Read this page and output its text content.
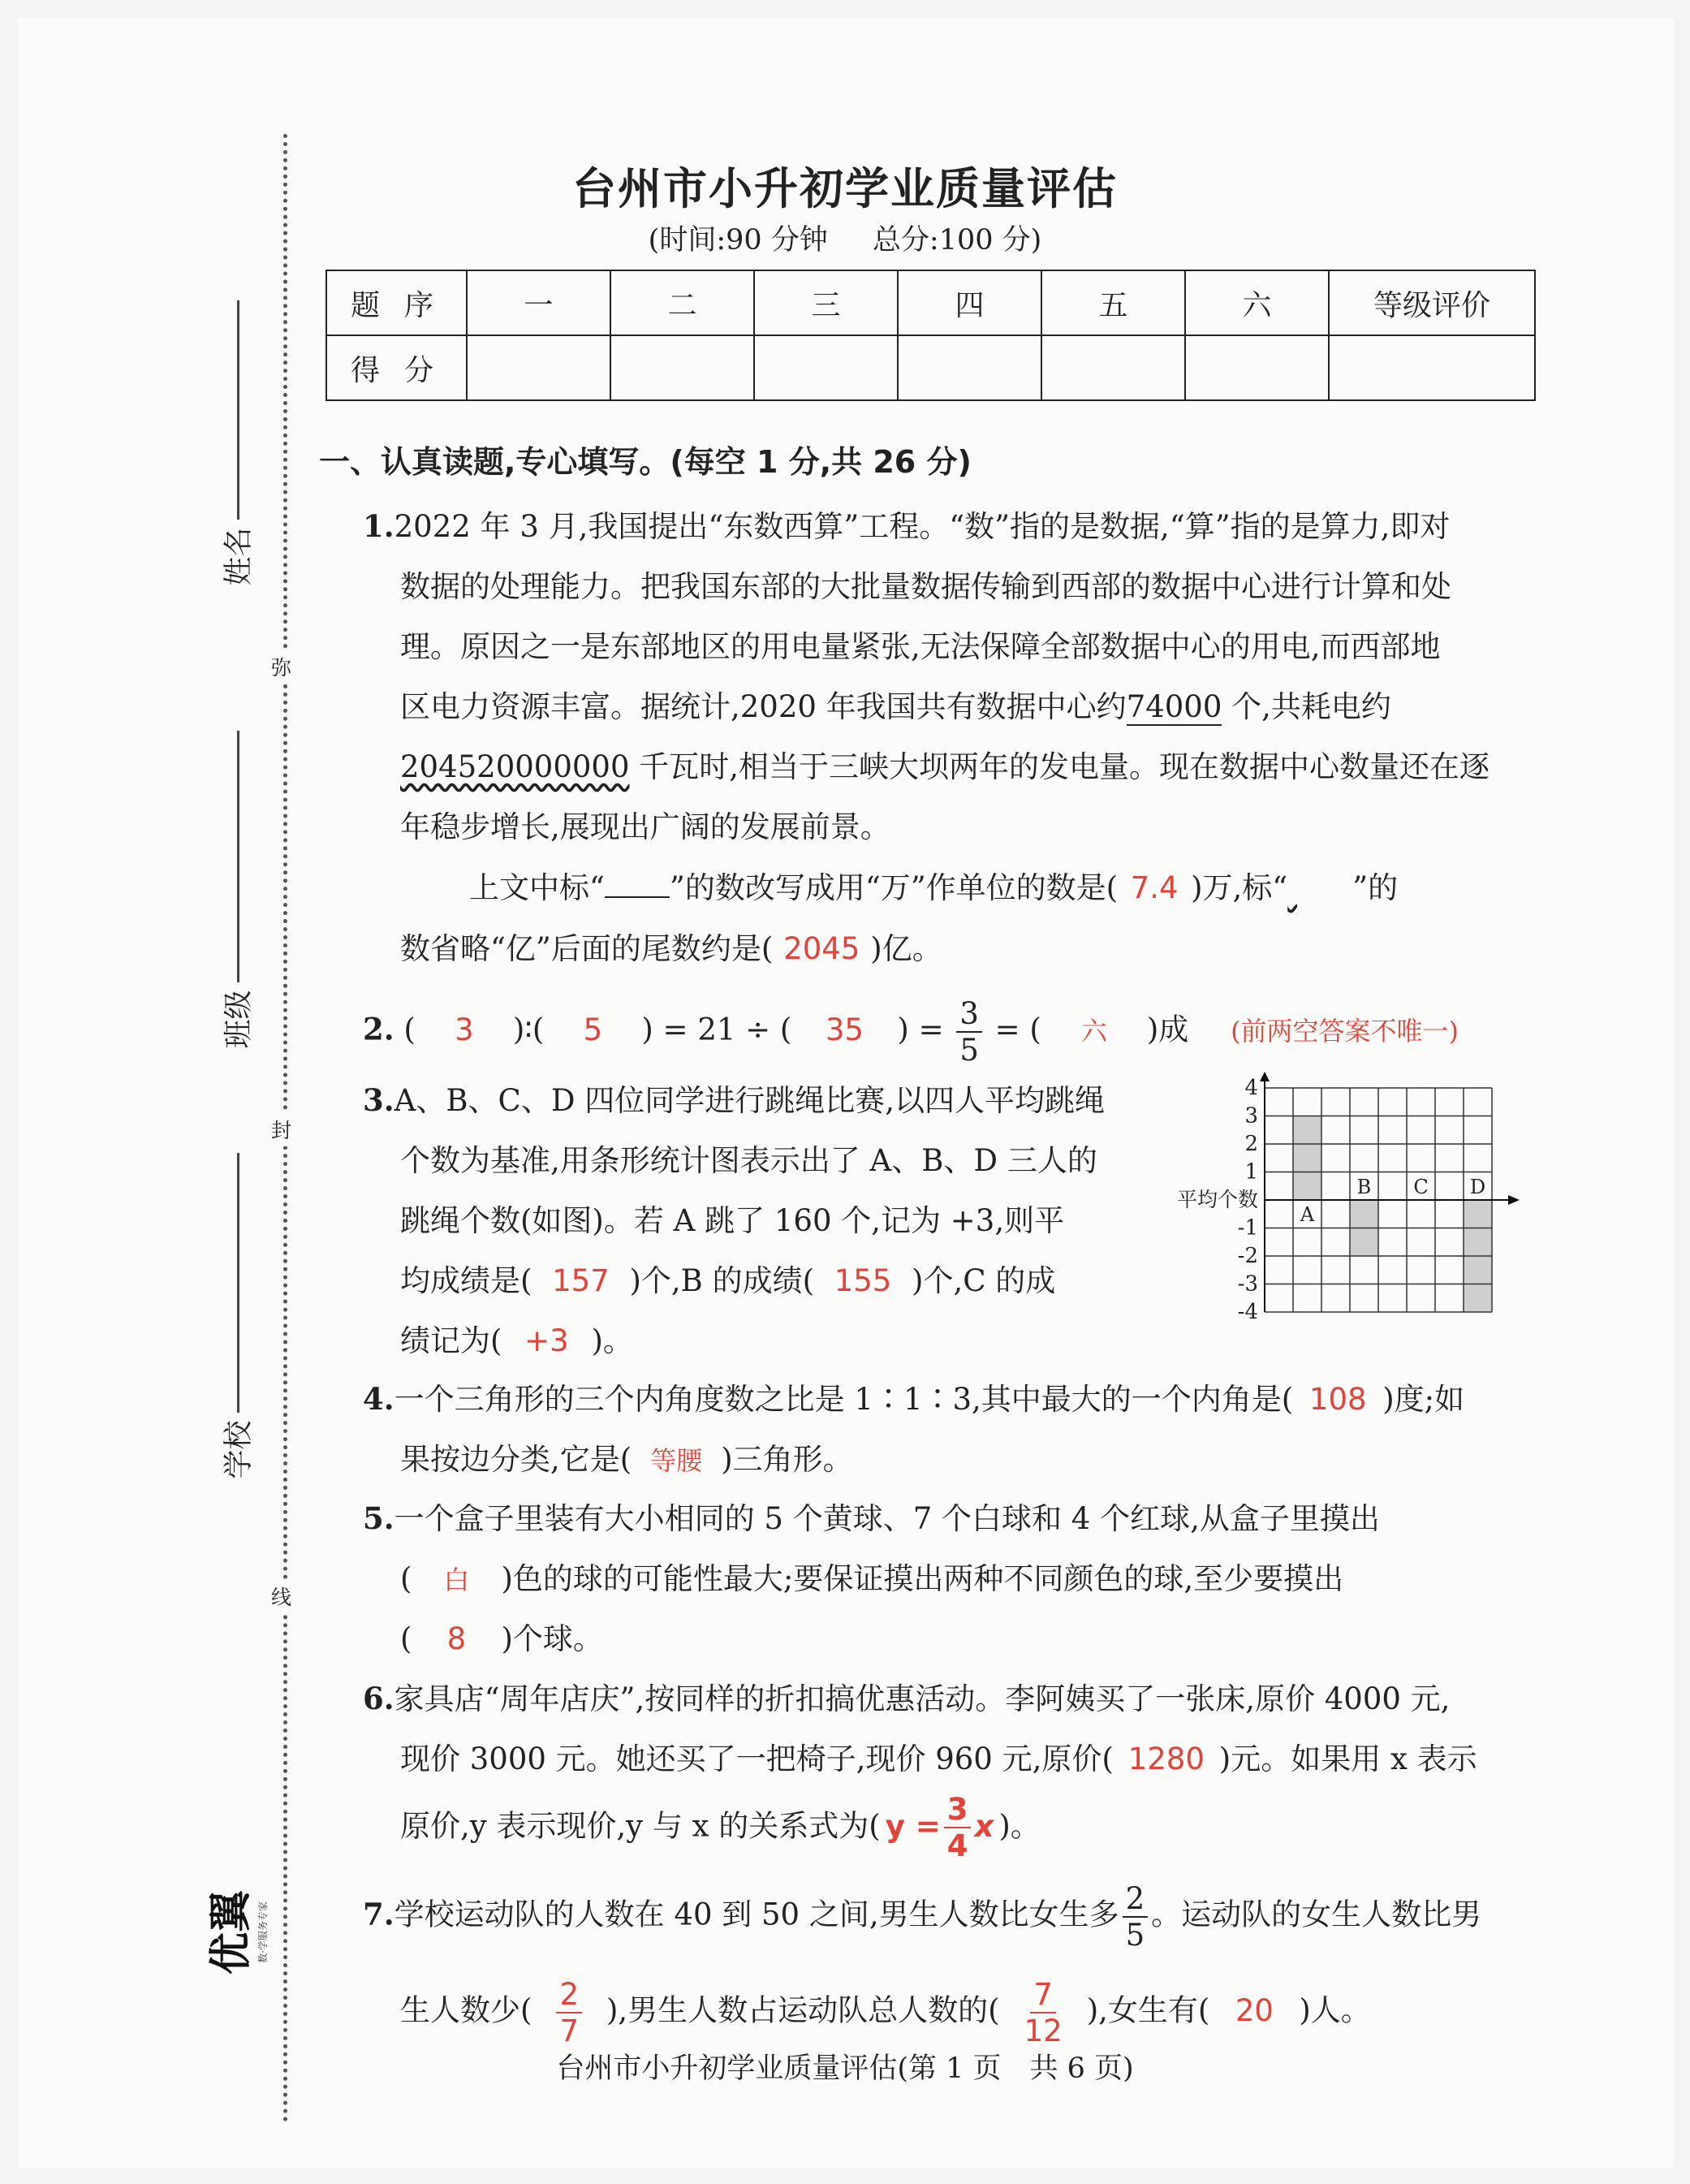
姓名
班级
学校
弥
封
线
优翼 数·学服务专家
台州市小升初学业质量评估
(时间:90 分钟 总分:100 分)
题序	一	二	三	四	五	六	等级评价
得分							
一、认真读题,专心填写。(每空 1 分,共 26 分)
1.2022 年 3 月,我国提出“东数西算”工程。“数”指的是数据,“算”指的是算力,即对
数据的处理能力。把我国东部的大批量数据传输到西部的数据中心进行计算和处
理。原因之一是东部地区的用电量紧张,无法保障全部数据中心的用电,而西部地
区电力资源丰富。据统计,2020 年我国共有数据中心约74000 个,共耗电约
204520000000 千瓦时,相当于三峡大坝两年的发电量。现在数据中心数量还在逐
年稳步增长,展现出广阔的发展前景。
上文中标“ ”的数改写成用“万”作单位的数是( 7.4 )万,标“ ”的
数省略“亿”后面的尾数约是( 2045 )亿。
2. ( 3 )∶( 5 ) = 21 ÷ ( 35 ) = $\frac{3}{5}$ = ( 六 )成 (前两空答案不唯一)
3.A、B、C、D 四位同学进行跳绳比赛,以四人平均跳绳
个数为基准,用条形统计图表示出了 A、B、D 三人的
跳绳个数(如图)。若 A 跳了 160 个,记为 +3,则平
均成绩是( 157 )个,B 的成绩( 155 )个,C 的成
绩记为( +3 )。
4
3
2
1
-1
-2
-3
-4
平均个数
A
B C D
4.一个三角形的三个内角度数之比是 1∶1∶3,其中最大的一个内角是( 108 )度;如
果按边分类,它是( 等腰 )三角形。
5.一个盒子里装有大小相同的 5 个黄球、7 个白球和 4 个红球,从盒子里摸出
( 白 )色的球的可能性最大;要保证摸出两种不同颜色的球,至少要摸出
( 8 )个球。
6.家具店“周年店庆”,按同样的折扣搞优惠活动。李阿姨买了一张床,原价 4000 元,
现价 3000 元。她还买了一把椅子,现价 960 元,原价( 1280 )元。如果用 x 表示
原价,y 表示现价,y 与 x 的关系式为( $y = \frac{3}{4}$ x )。
7.学校运动队的人数在 40 到 50 之间,男生人数比女生多 $\frac{2}{5}$ 。运动队的女生人数比男
生人数少( $\frac{2}{7}$ ),男生人数占运动队总人数的( $\frac{7}{12}$ ),女生有( 20 )人。
台州市小升初学业质量评估(第 1 页　共 6 页)
